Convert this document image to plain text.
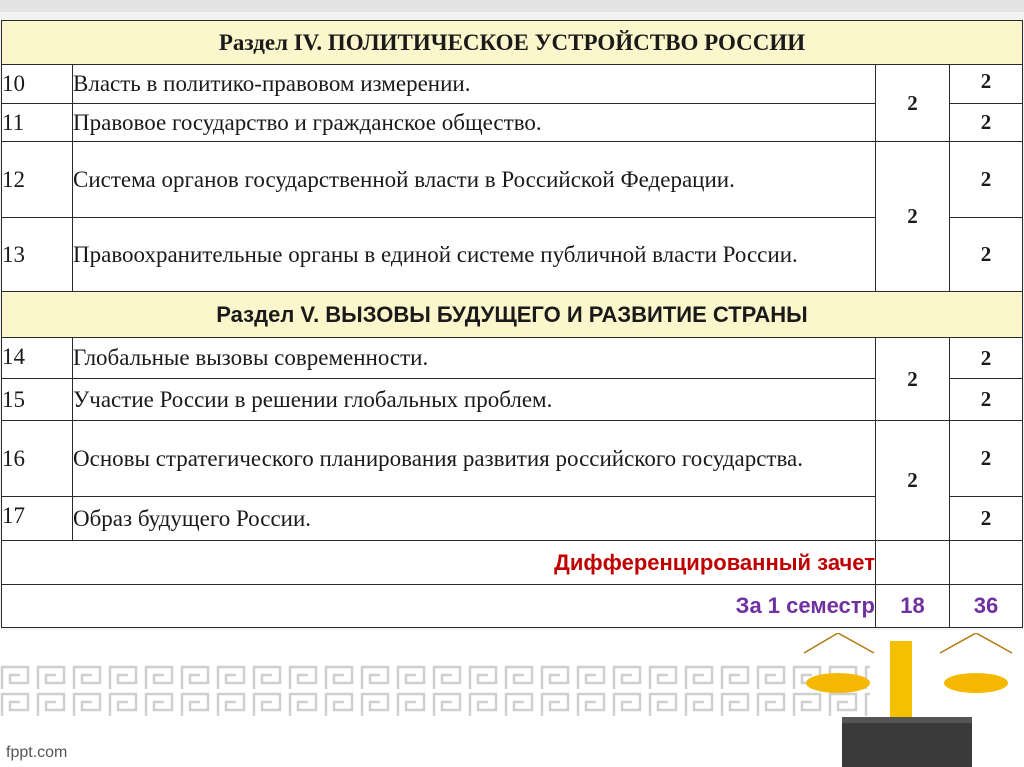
Раздел IV. ПОЛИТИЧЕСКОЕ УСТРОЙСТВО РОССИИ			
10	Власть в политико-правовом измерении.	2	2
11	Правовое государство и гражданское общество.		2
12	Система органов государственной власти в Российской Федерации.	2	2
13	Правоохранительные органы в единой системе публичной власти России.		2
Раздел V. ВЫЗОВЫ БУДУЩЕГО И РАЗВИТИЕ СТРАНЫ			
14	Глобальные вызовы современности.	2	2
15	Участие России в решении глобальных проблем.		2
16	Основы стратегического планирования развития российского государства.	2	2
17	Образ будущего России.		2
Дифференцированный зачет			
За 1 семестр		18	36
fppt.com
